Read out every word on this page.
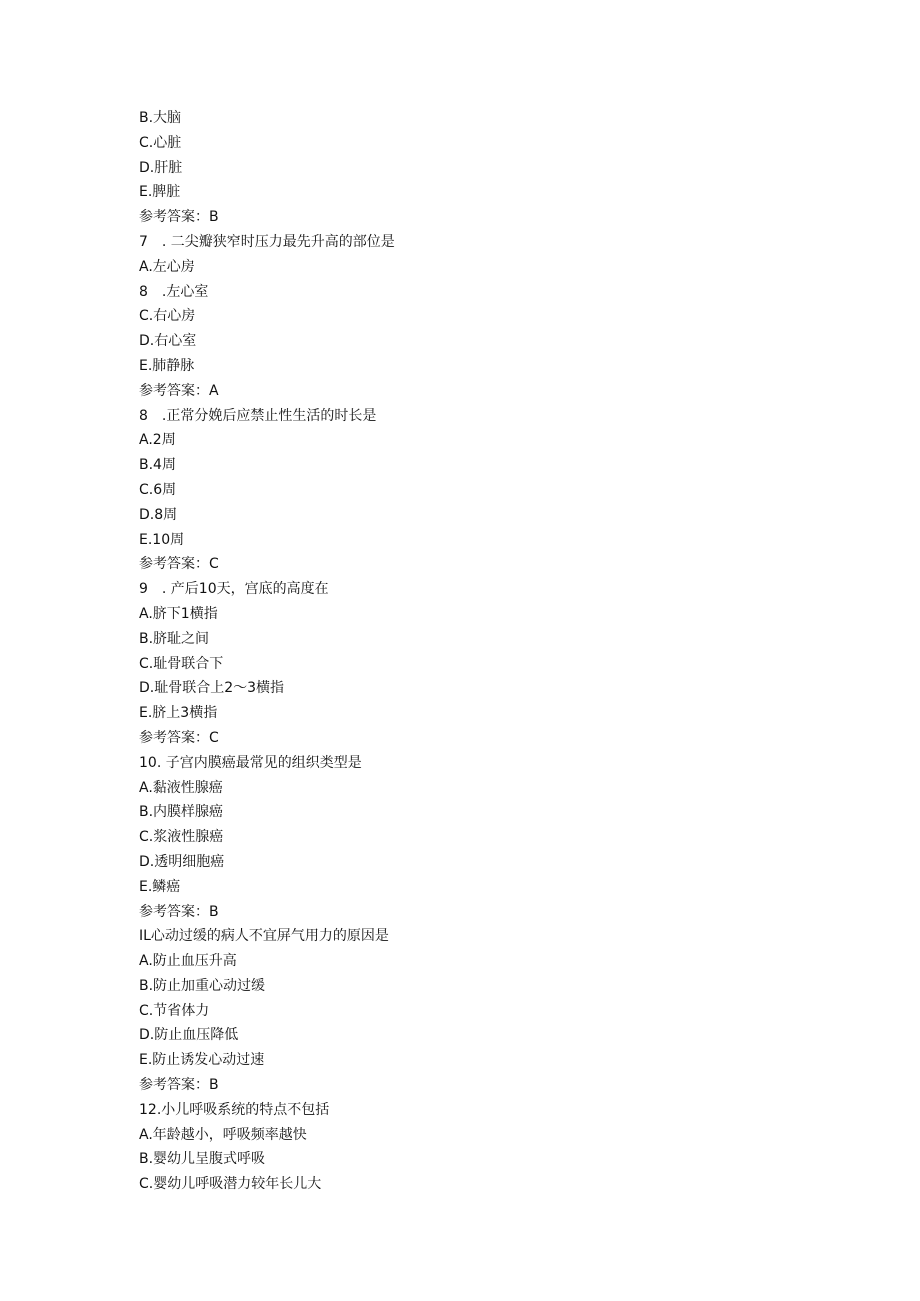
B.大脑
C.心脏
D.肝脏
E.脾脏
参考答案：B
7　. 二尖瓣狭窄时压力最先升高的部位是
A.左心房
8　.左心室
C.右心房
D.右心室
E.肺静脉
参考答案：A
8　.正常分娩后应禁止性生活的时长是
A.2周
B.4周
C.6周
D.8周
E.10周
参考答案：C
9　. 产后10天，宫底的高度在
A.脐下1横指
B.脐耻之间
C.耻骨联合下
D.耻骨联合上2〜3横指
E.脐上3横指
参考答案：C
10. 子宫内膜癌最常见的组织类型是
A.黏液性腺癌
B.内膜样腺癌
C.浆液性腺癌
D.透明细胞癌
E.鳞癌
参考答案：B
IL心动过缓的病人不宜屏气用力的原因是
A.防止血压升高
B.防止加重心动过缓
C.节省体力
D.防止血压降低
E.防止诱发心动过速
参考答案：B
12.小儿呼吸系统的特点不包括
A.年龄越小，呼吸频率越快
B.婴幼儿呈腹式呼吸
C.婴幼儿呼吸潜力较年长儿大
